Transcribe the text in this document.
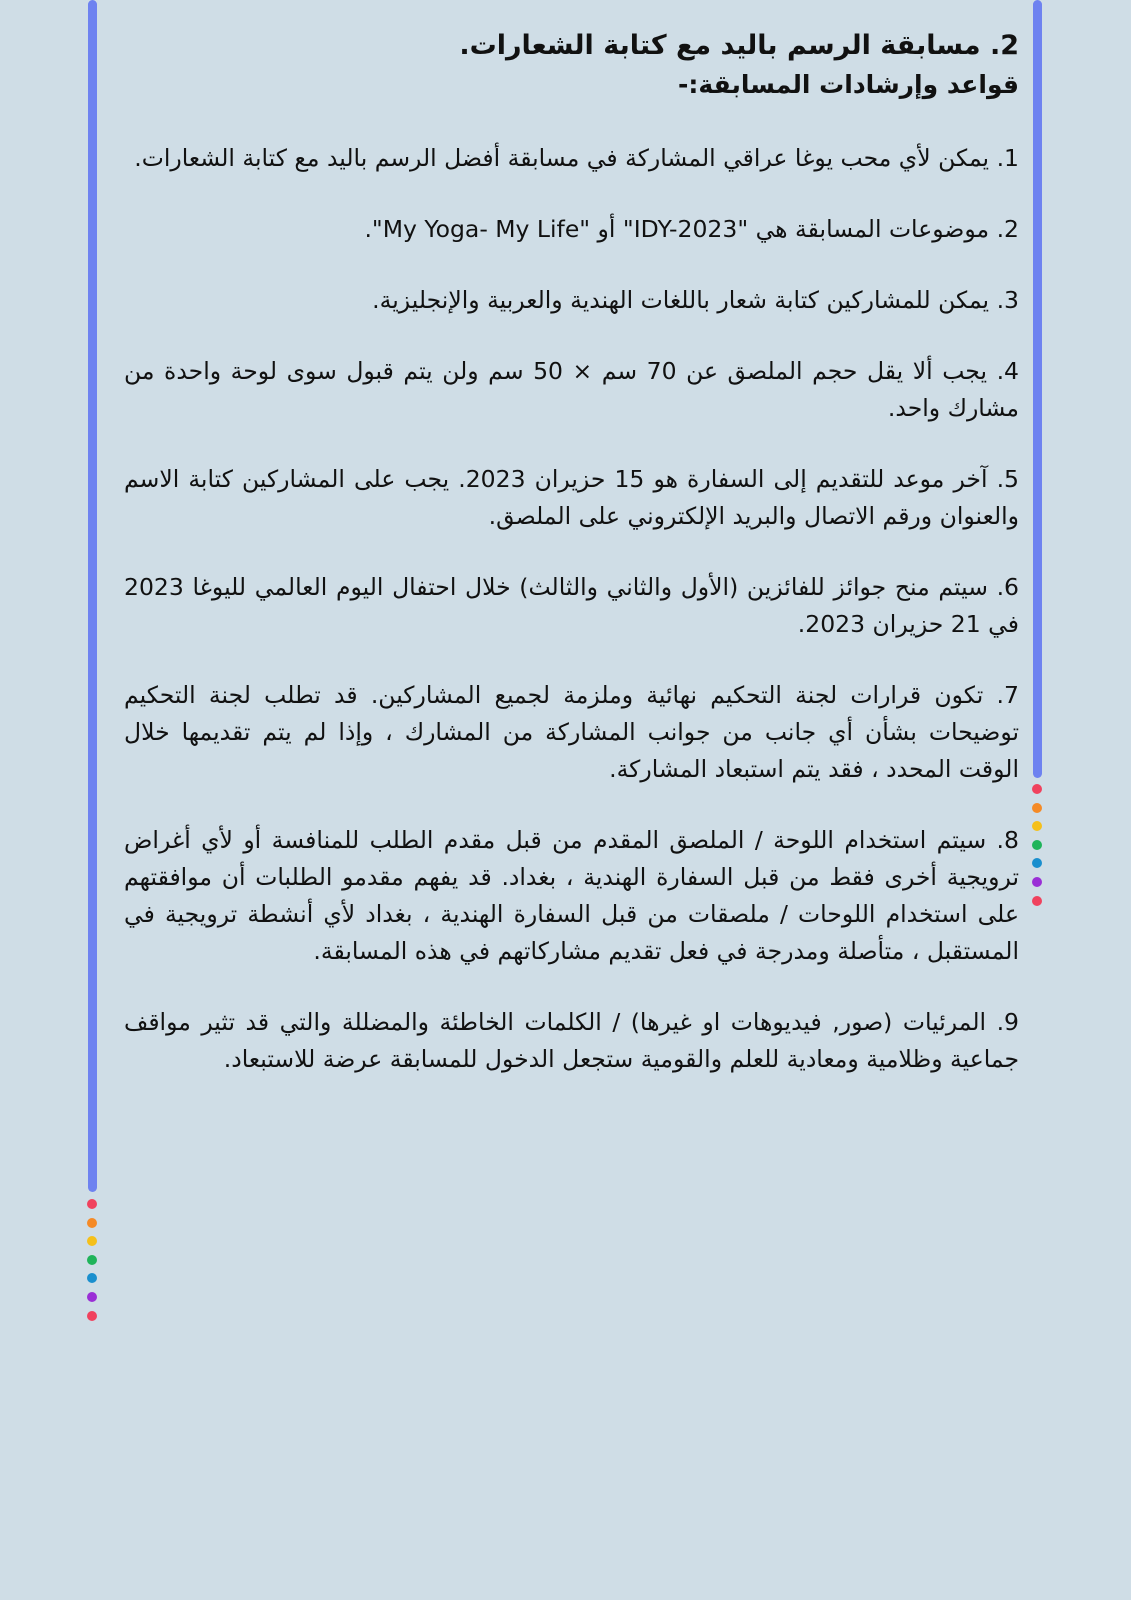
2. مسابقة الرسم باليد مع كتابة الشعارات.
قواعد وإرشادات المسابقة:-

1. يمكن لأي محب يوغا عراقي المشاركة في مسابقة أفضل الرسم باليد مع كتابة الشعارات.

2. موضوعات المسابقة هي "IDY-2023" أو "My Yoga- My Life".

3. يمكن للمشاركين كتابة شعار باللغات الهندية والعربية والإنجليزية.

4. يجب ألا يقل حجم الملصق عن 70 سم × 50 سم ولن يتم قبول سوى لوحة واحدة من مشارك واحد.

5. آخر موعد للتقديم إلى السفارة هو 15 حزيران 2023. يجب على المشاركين كتابة الاسم والعنوان ورقم الاتصال والبريد الإلكتروني على الملصق.

6. سيتم منح جوائز للفائزين (الأول والثاني والثالث) خلال احتفال اليوم العالمي لليوغا 2023 في 21 حزيران 2023.

7. تكون قرارات لجنة التحكيم نهائية وملزمة لجميع المشاركين. قد تطلب لجنة التحكيم توضيحات بشأن أي جانب من جوانب المشاركة من المشارك ، وإذا لم يتم تقديمها خلال الوقت المحدد ، فقد يتم استبعاد المشاركة.

8. سيتم استخدام اللوحة / الملصق المقدم من قبل مقدم الطلب للمنافسة أو لأي أغراض ترويجية أخرى فقط من قبل السفارة الهندية ، بغداد. قد يفهم مقدمو الطلبات أن موافقتهم على استخدام اللوحات / ملصقات من قبل السفارة الهندية ، بغداد لأي أنشطة ترويجية في المستقبل ، متأصلة ومدرجة في فعل تقديم مشاركاتهم في هذه المسابقة.

9. المرئيات (صور, فيديوهات او غيرها) / الكلمات الخاطئة والمضللة والتي قد تثير مواقف جماعية وظلامية ومعادية للعلم والقومية ستجعل الدخول للمسابقة عرضة للاستبعاد.
